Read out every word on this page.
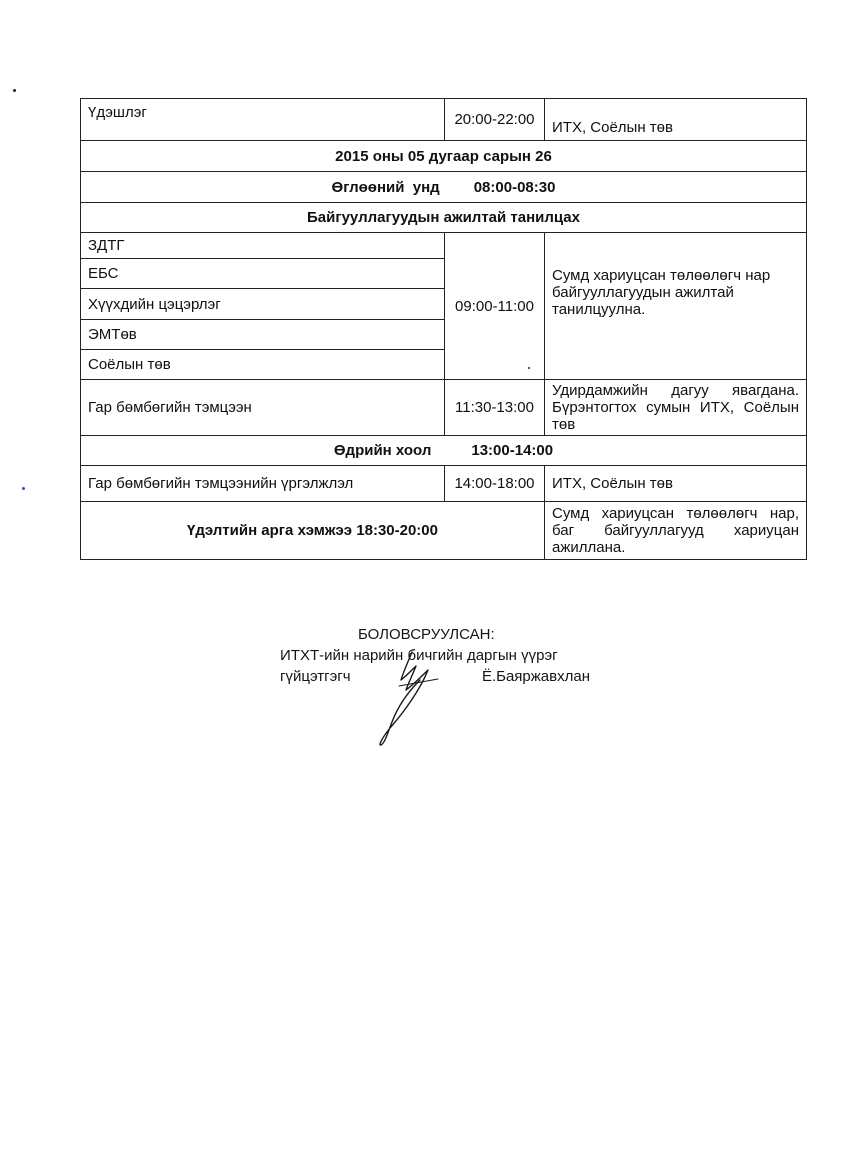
Үдэшлэг	20:00-22:00	ИТХ, Соёлын төв
2015 оны 05 дугаар сарын 26		
Өглөөний  унд 08:00-08:30		
Байгууллагуудын ажилтай танилцах		
ЗДТГ	09:00-11:00	Сумд хариуцсан төлөөлөгч нар байгууллагуудын ажилтай танилцуулна.
ЕБС		
Хүүхдийн цэцэрлэг		
ЭМТөв		
Соёлын төв		
Гар бөмбөгийн тэмцээн	11:30-13:00	Удирдамжийн дагуу явагдана. Бүрэнтогтох сумын ИТХ, Соёлын төв
Өдрийн хоол 13:00-14:00		
Гар бөмбөгийн тэмцээнийн үргэлжлэл	14:00-18:00	ИТХ, Соёлын төв
Үдэлтийн арга хэмжээ 18:30-20:00		Сумд хариуцсан төлөөлөгч нар, баг байгууллагууд хариуцан ажиллана.
БОЛОВСРУУЛСАН:
ИТХТ-ийн нарийн бичгийн даргын үүрэг
гүйцэтгэгч	Ё.Баяржавхлан
